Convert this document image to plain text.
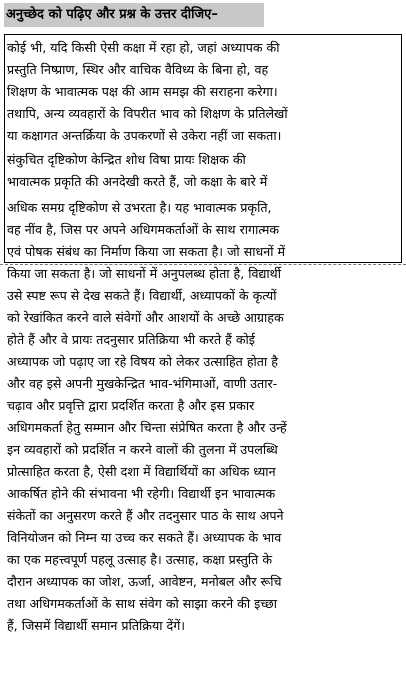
अनुच्छेद को पढ़िए और प्रश्न के उत्तर दीजिए–
कोई भी, यदि किसी ऐसी कक्षा में रहा हो, जहां अध्यापक की
प्रस्तुति निष्प्राण, स्थिर और वाचिक वैविध्य के बिना हो, वह
शिक्षण के भावात्मक पक्ष की आम समझ की सराहना करेगा।
तथापि, अन्य व्यवहारों के विपरीत भाव को शिक्षण के प्रतिलेखों
या कक्षागत अन्तर्क्रिया के उपकरणों से उकेरा नहीं जा सकता।
संकुचित दृष्टिकोण केन्द्रित शोध विषा प्रायः शिक्षक की
भावात्मक प्रकृति की अनदेखी करते हैं, जो कक्षा के बारे में
अधिक समग्र दृष्टिकोण से उभरता है। यह भावात्मक प्रकृति,
वह नींव है, जिस पर अपने अधिगमकर्ताओं के साथ रागात्मक
एवं पोषक संबंध का निर्माण किया जा सकता है। जो साधनों में
किया जा सकता है। जो साधनों में अनुपलब्ध होता है, विद्यार्थी
उसे स्पष्ट रूप से देख सकते हैं। विद्यार्थी, अध्यापकों के कृत्यों
को रेखांकित करने वाले संवेगों और आशयों के अच्छे आग्राहक
होते हैं और वे प्रायः तदनुसार प्रतिक्रिया भी करते हैं कोई
अध्यापक जो पढ़ाए जा रहे विषय को लेकर उत्साहित होता है
और वह इसे अपनी मुखकेन्द्रित भाव-भंगिमाओं, वाणी उतार-
चढ़ाव और प्रवृत्ति द्वारा प्रदर्शित करता है और इस प्रकार
अधिगमकर्ता हेतु सम्मान और चिन्ता संप्रेषित करता है और उन्हें
इन व्यवहारों को प्रदर्शित न करने वालों की तुलना में उपलब्धि
प्रोत्साहित करता है, ऐसी दशा में विद्यार्थियों का अधिक ध्यान
आकर्षित होने की संभावना भी रहेगी। विद्यार्थी इन भावात्मक
संकेतों का अनुसरण करते हैं और तदनुसार पाठ के साथ अपने
विनियोजन को निम्न या उच्च कर सकते हैं। अध्यापक के भाव
का एक महत्त्वपूर्ण पहलू उत्साह है। उत्साह, कक्षा प्रस्तुति के
दौरान अध्यापक का जोश, ऊर्जा, आवेष्टन, मनोबल और रूचि
तथा अधिगमकर्ताओं के साथ संवेग को साझा करने की इच्छा
हैं, जिसमें विद्यार्थी समान प्रतिक्रिया देंगें।
